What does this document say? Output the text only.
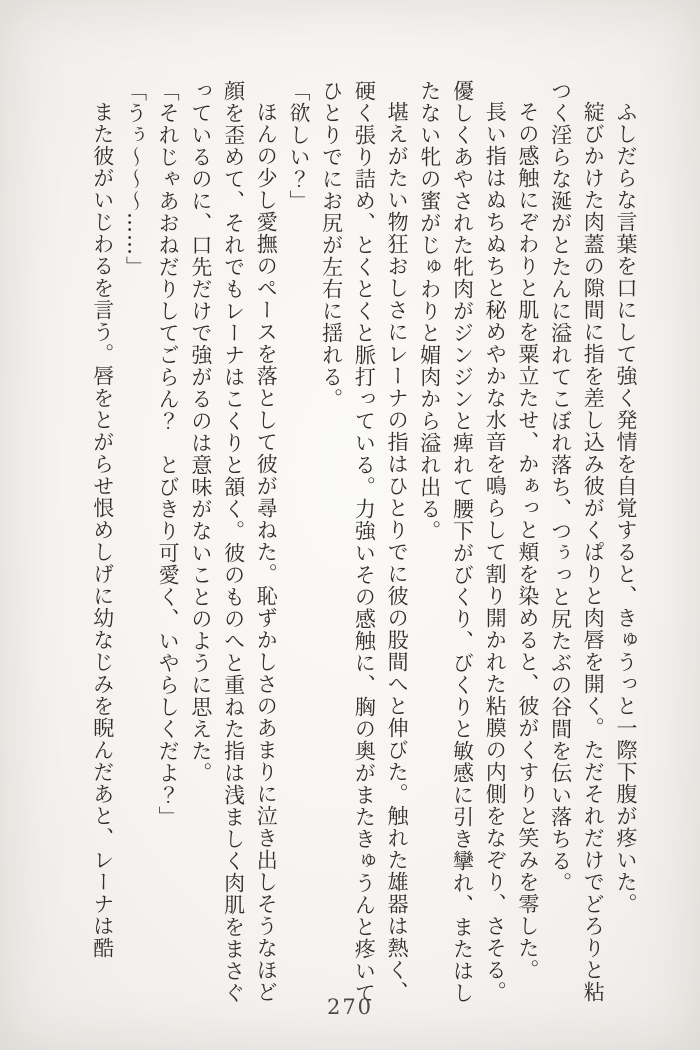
ふしだらな言葉を口にして強く発情を自覚すると、きゅうっと一際下腹が疼いた。

綻びかけた肉蓋の隙間に指を差し込み彼がくぱりと肉唇を開く。ただそれだけでどろりと粘つく淫らな涎がとたんに溢れてこぼれ落ち、つぅっと尻たぶの谷間を伝い落ちる。

その感触にぞわりと肌を粟立たせ、かぁっと頬を染めると、彼がくすりと笑みを零した。

長い指はぬちぬちと秘めやかな水音を鳴らして割り開かれた粘膜の内側をなぞり、さそる。優しくあやされた牝肉がジンジンと痺れて腰下がびくり、びくりと敏感に引き攣れ、またはしたない牝の蜜がじゅわりと媚肉から溢れ出る。

堪えがたい物狂おしさにレーナの指はひとりでに彼の股間へと伸びた。触れた雄器は熱く、硬く張り詰め、とくとくと脈打っている。力強いその感触に、胸の奥がまたきゅうんと疼いてひとりでにお尻が左右に揺れる。

「欲しい？」

ほんの少し愛撫のペースを落として彼が尋ねた。恥ずかしさのあまりに泣き出しそうなほど顔を歪めて、それでもレーナはこくりと頷く。彼のものへと重ねた指は浅ましく肉肌をまさぐっているのに、口先だけで強がるのは意味がないことのように思えた。

「それじゃあおねだりしてごらん？　とびきり可愛く、いやらしくだよ？」

「うぅ～～～……」

また彼がいじわるを言う。唇をとがらせ恨めしげに幼なじみを睨んだあと、レーナは酷

270
